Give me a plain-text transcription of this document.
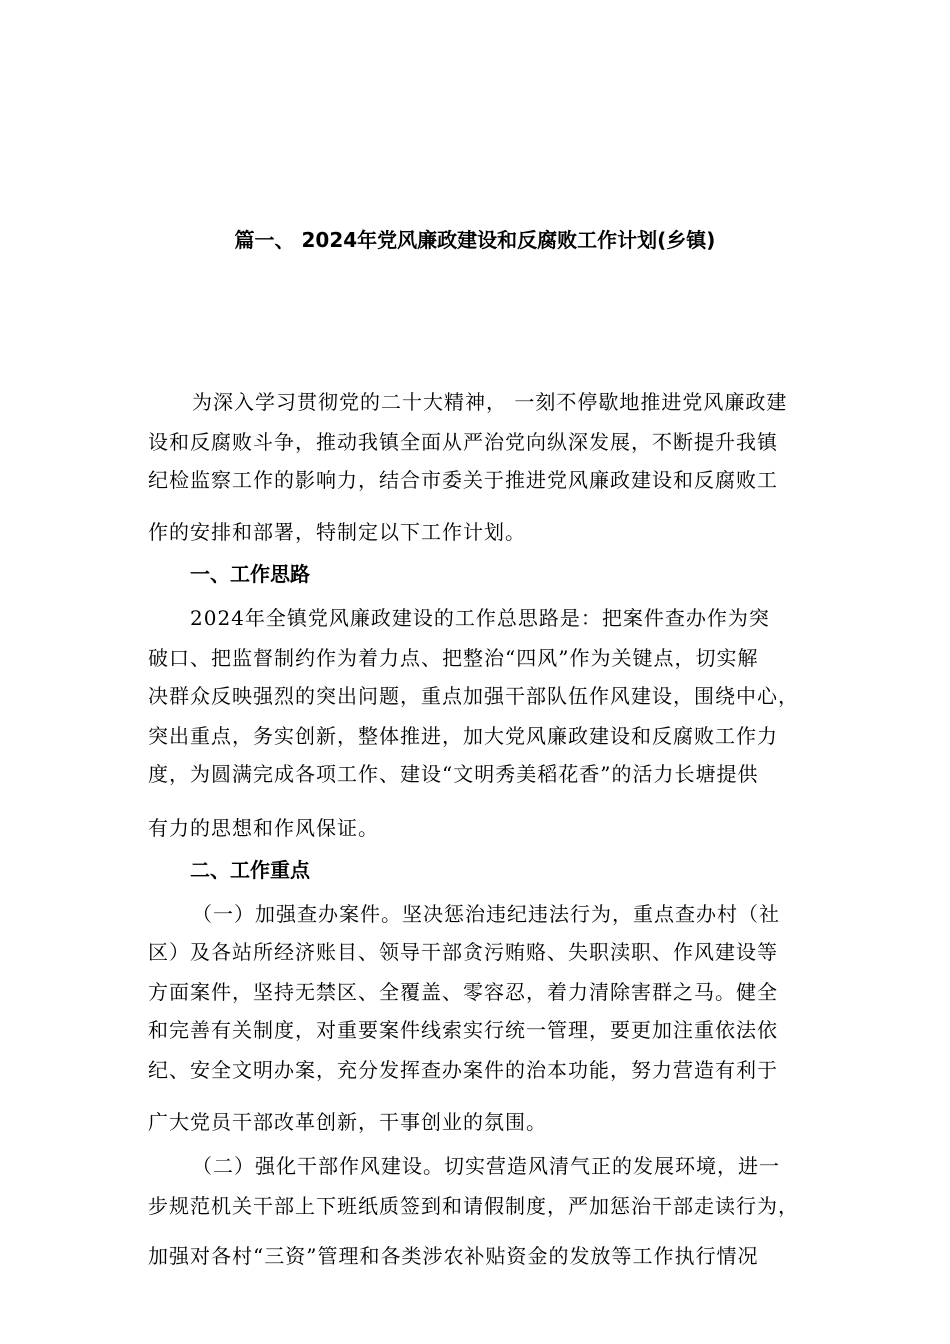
篇一、 2024年党风廉政建设和反腐败工作计划(乡镇)
为深入学习贯彻党的二十大精神， 一刻不停歇地推进党风廉政建
设和反腐败斗争，推动我镇全面从严治党向纵深发展，不断提升我镇
纪检监察工作的影响力，结合市委关于推进党风廉政建设和反腐败工
作的安排和部署，特制定以下工作计划。
一、工作思路
2024年全镇党风廉政建设的工作总思路是：把案件查办作为突
破口、把监督制约作为着力点、把整治“四风”作为关键点，切实解
决群众反映强烈的突出问题，重点加强干部队伍作风建设，围绕中心，
突出重点，务实创新，整体推进，加大党风廉政建设和反腐败工作力
度，为圆满完成各项工作、建设“文明秀美稻花香”的活力长塘提供
有力的思想和作风保证。
二、工作重点
（一）加强查办案件。坚决惩治违纪违法行为，重点查办村（社
区）及各站所经济账目、领导干部贪污贿赂、失职渎职、作风建设等
方面案件，坚持无禁区、全覆盖、零容忍，着力清除害群之马。健全
和完善有关制度，对重要案件线索实行统一管理，要更加注重依法依
纪、安全文明办案，充分发挥查办案件的治本功能，努力营造有利于
广大党员干部改革创新，干事创业的氛围。
（二）强化干部作风建设。切实营造风清气正的发展环境，进一
步规范机关干部上下班纸质签到和请假制度，严加惩治干部走读行为，
加强对各村“三资”管理和各类涉农补贴资金的发放等工作执行情况
